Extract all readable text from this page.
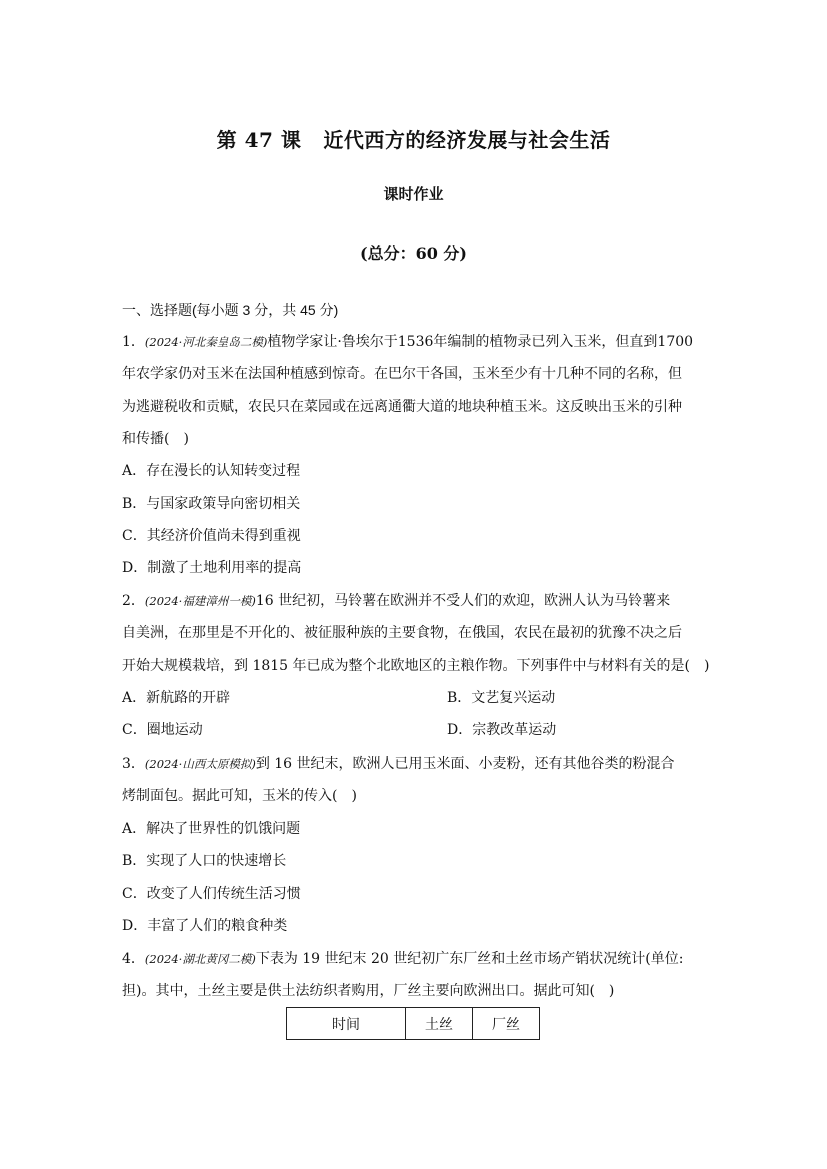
第 47 课 近代西方的经济发展与社会生活
课时作业
(总分：60 分)
一、选择题(每小题 3 分，共 45 分)
1．(2024·河北秦皇岛二模)植物学家让·鲁埃尔于1536年编制的植物录已列入玉米，但直到1700
年农学家仍对玉米在法国种植感到惊奇。在巴尔干各国，玉米至少有十几种不同的名称，但
为逃避税收和贡赋，农民只在菜园或在远离通衢大道的地块种植玉米。这反映出玉米的引种
和传播(　)
A．存在漫长的认知转变过程
B．与国家政策导向密切相关
C．其经济价值尚未得到重视
D．制激了土地利用率的提高
2．(2024·福建漳州一模)16 世纪初，马铃薯在欧洲并不受人们的欢迎，欧洲人认为马铃薯来
自美洲，在那里是不开化的、被征服种族的主要食物，在俄国，农民在最初的犹豫不决之后
开始大规模栽培，到 1815 年已成为整个北欧地区的主粮作物。下列事件中与材料有关的是(　)
A．新航路的开辟	B．文艺复兴运动
C．圈地运动	D．宗教改革运动
3．(2024·山西太原模拟)到 16 世纪末，欧洲人已用玉米面、小麦粉，还有其他谷类的粉混合
烤制面包。据此可知，玉米的传入(　)
A．解决了世界性的饥饿问题
B．实现了人口的快速增长
C．改变了人们传统生活习惯
D．丰富了人们的粮食种类
4．(2024·湖北黄冈二模)下表为 19 世纪末 20 世纪初广东厂丝和土丝市场产销状况统计(单位:
担)。其中，土丝主要是供土法纺织者购用，厂丝主要向欧洲出口。据此可知(　)
时间	土丝	厂丝
